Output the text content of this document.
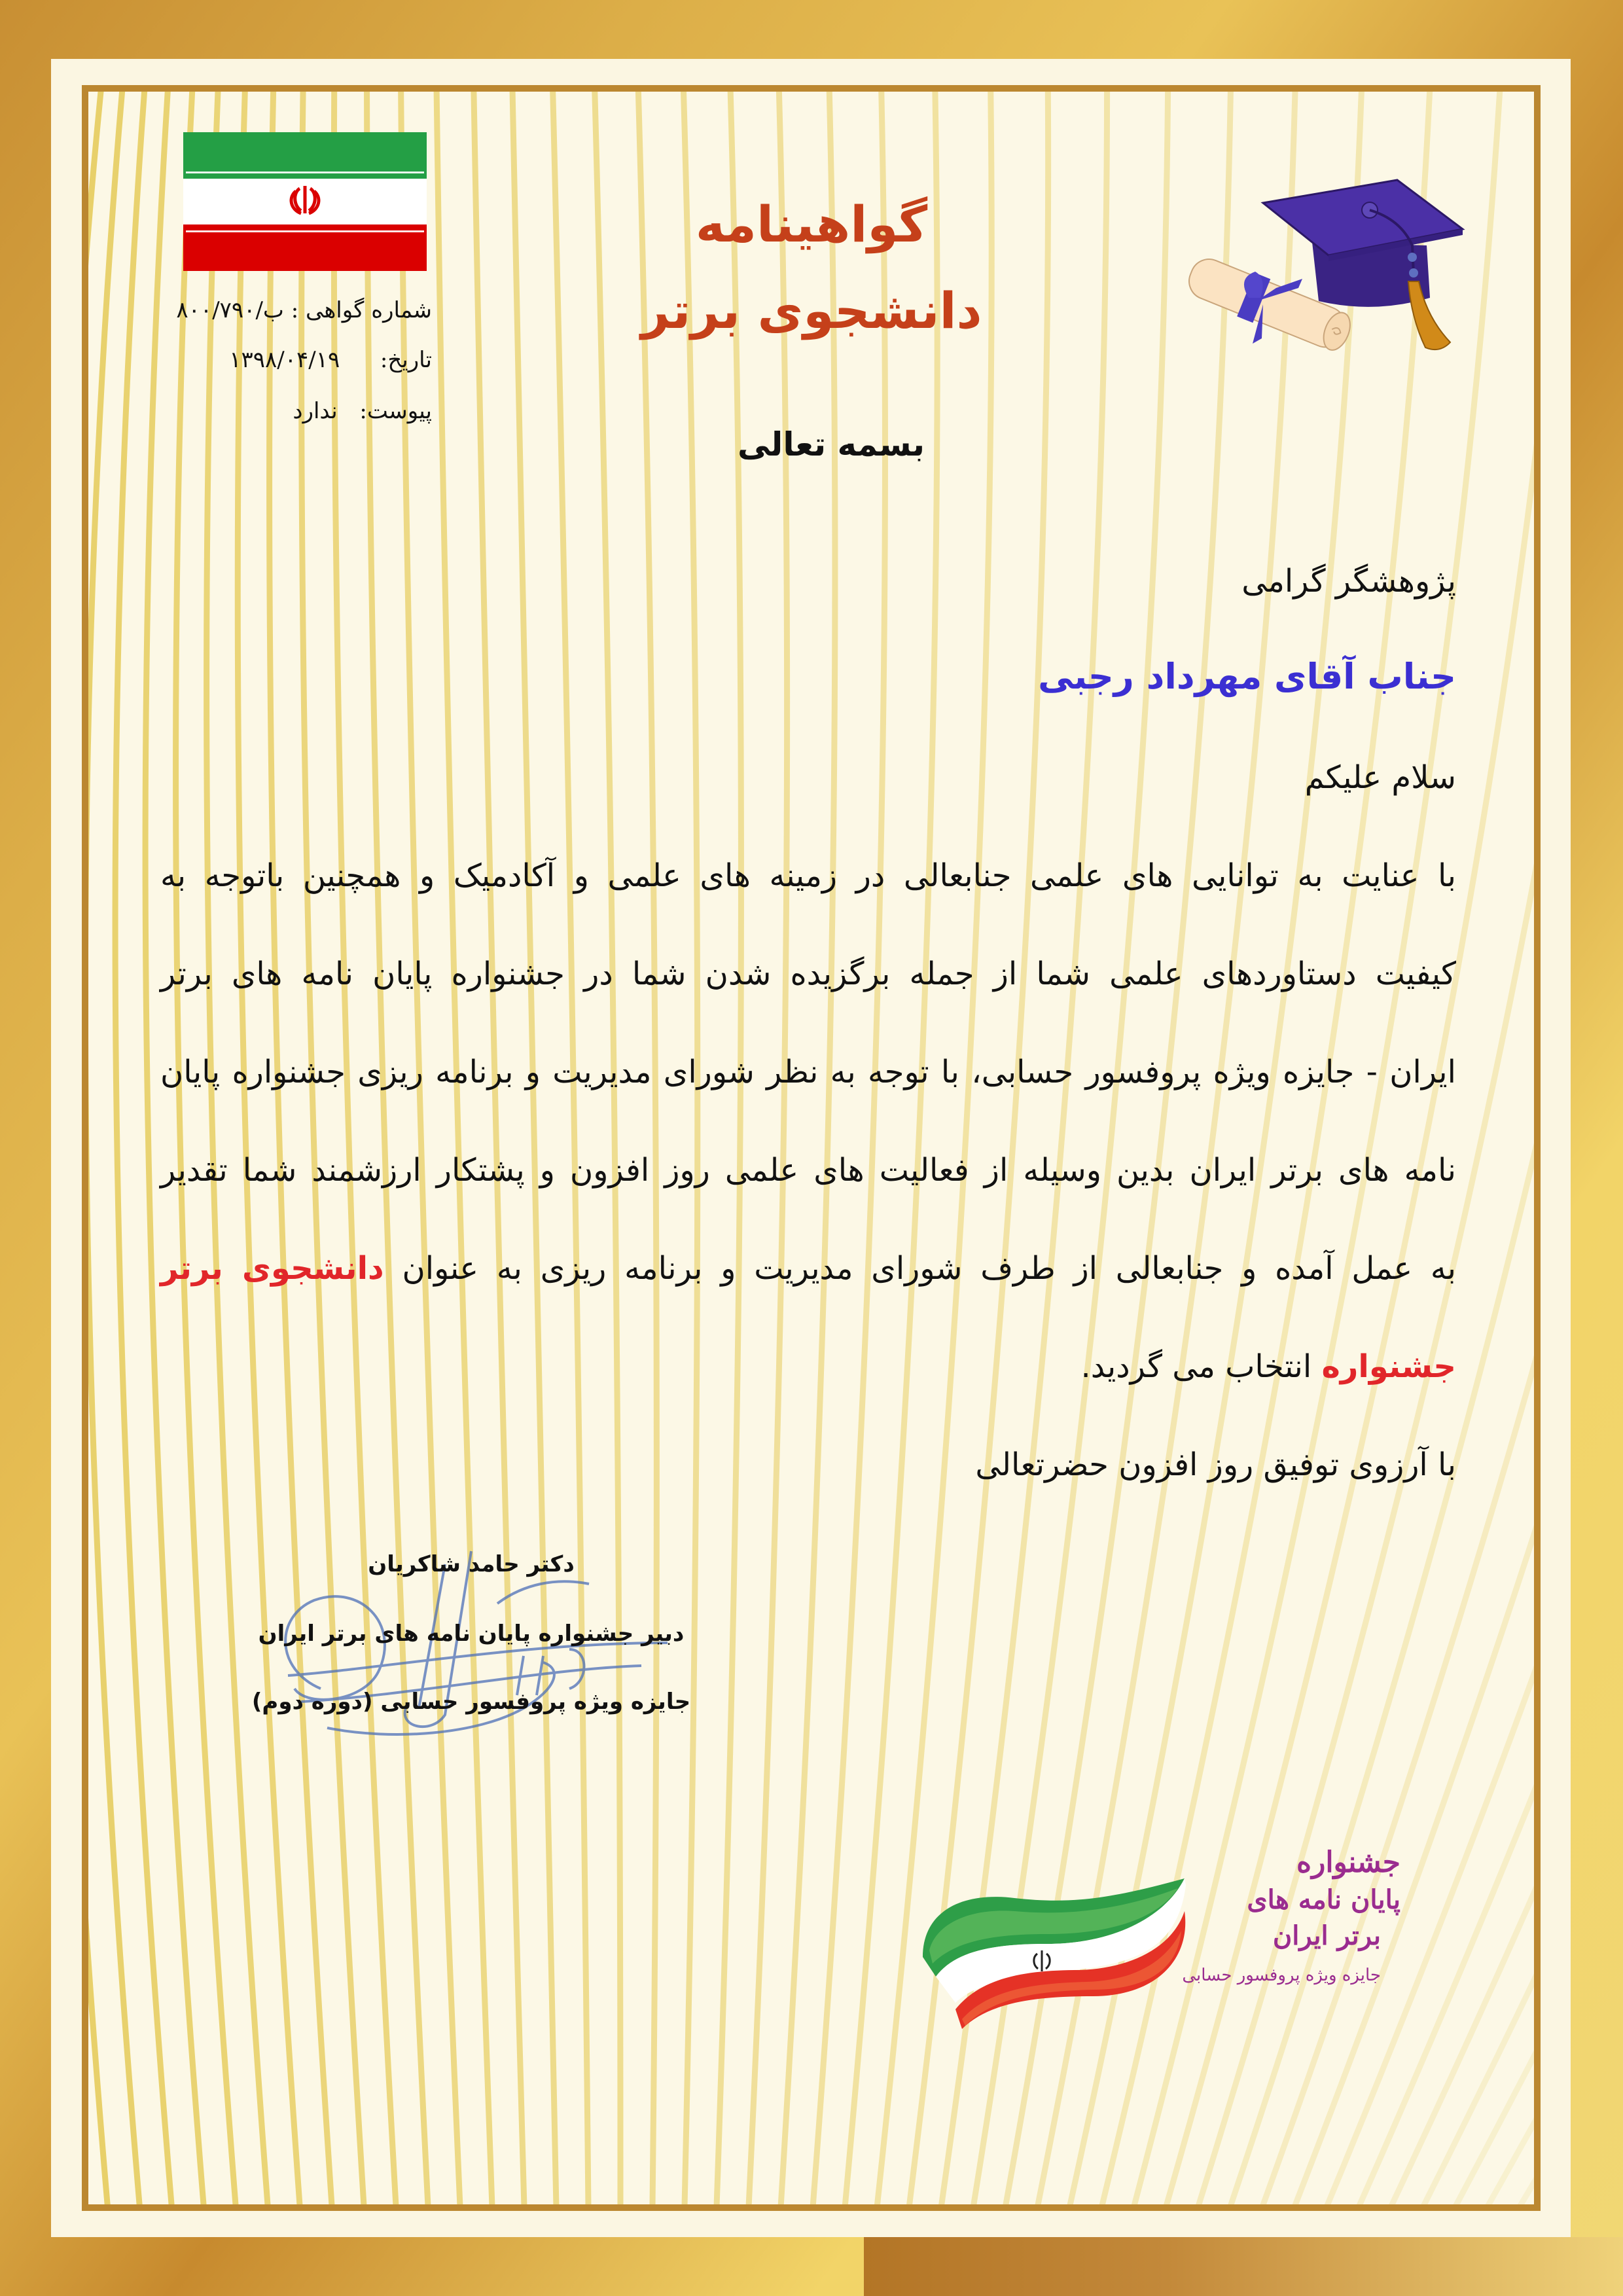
شماره گواهی : ب/۸۰۰/۷۹۰
تاریخ:  ۱۳۹۸/۰۴/۱۹
پیوست:  ندارد
گواهینامه
دانشجوی برتر
بسمه تعالی
پژوهشگر گرامی
جناب آقای مهرداد رجبی
سلام علیکم
با عنایت به توانایی های علمی جنابعالی در زمینه های علمی و آکادمیک و همچنین باتوجه به
کیفیت دستاوردهای علمی شما از جمله برگزیده شدن شما در جشنواره پایان نامه های برتر
ایران - جایزه ویژه پروفسور حسابی، با توجه به نظر شورای مدیریت و برنامه ریزی جشنواره پایان
نامه های برتر ایران بدین وسیله از فعالیت های علمی روز افزون و پشتکار ارزشمند شما تقدیر
به عمل آمده و جنابعالی از طرف شورای مدیریت و برنامه ریزی به عنوان دانشجوی برتر
جشنواره انتخاب می گردید.
با آرزوی توفیق روز افزون حضرتعالی
دکتر حامد شاکریان
دبیر جشنواره پایان نامه های برتر ایران
جایزه ویژه پروفسور حسابی (دوره دوم)
جشنواره
پایان نامه های
برتر ایران
جایزه ویژه پروفسور حسابی
